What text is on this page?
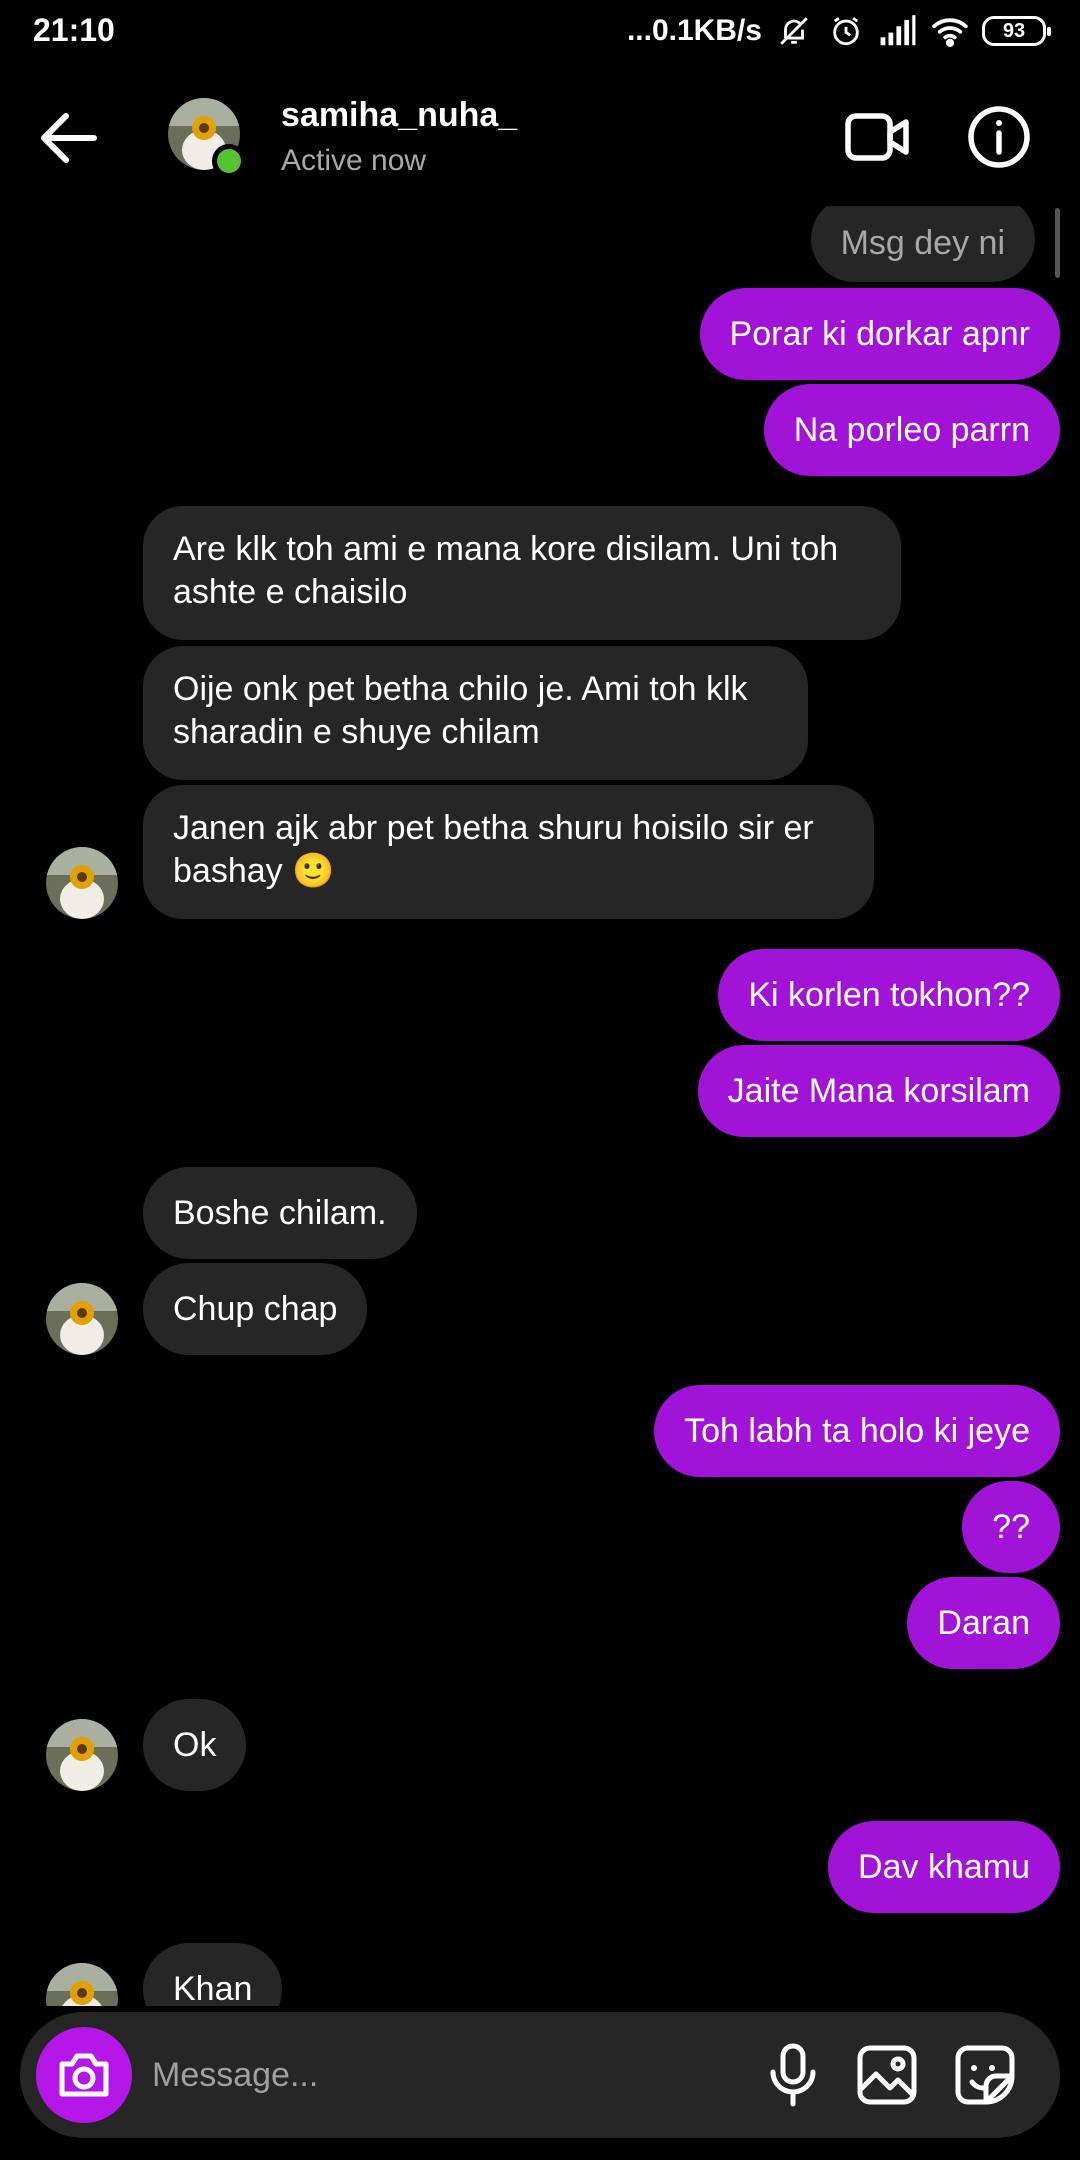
21:10	...0.1KB/s	93
samiha_nuha_
Active now
Msg dey ni
Porar ki dorkar apnr
Na porleo parrn
Are klk toh ami e mana kore disilam. Uni toh ashte e chaisilo
Oije onk pet betha chilo je. Ami toh klk sharadin e shuye chilam
Janen ajk abr pet betha shuru hoisilo sir er bashay 🙂
Ki korlen tokhon??
Jaite Mana korsilam
Boshe chilam.
Chup chap
Toh labh ta holo ki jeye
??
Daran
Ok
Dav khamu
Khan
Message...
